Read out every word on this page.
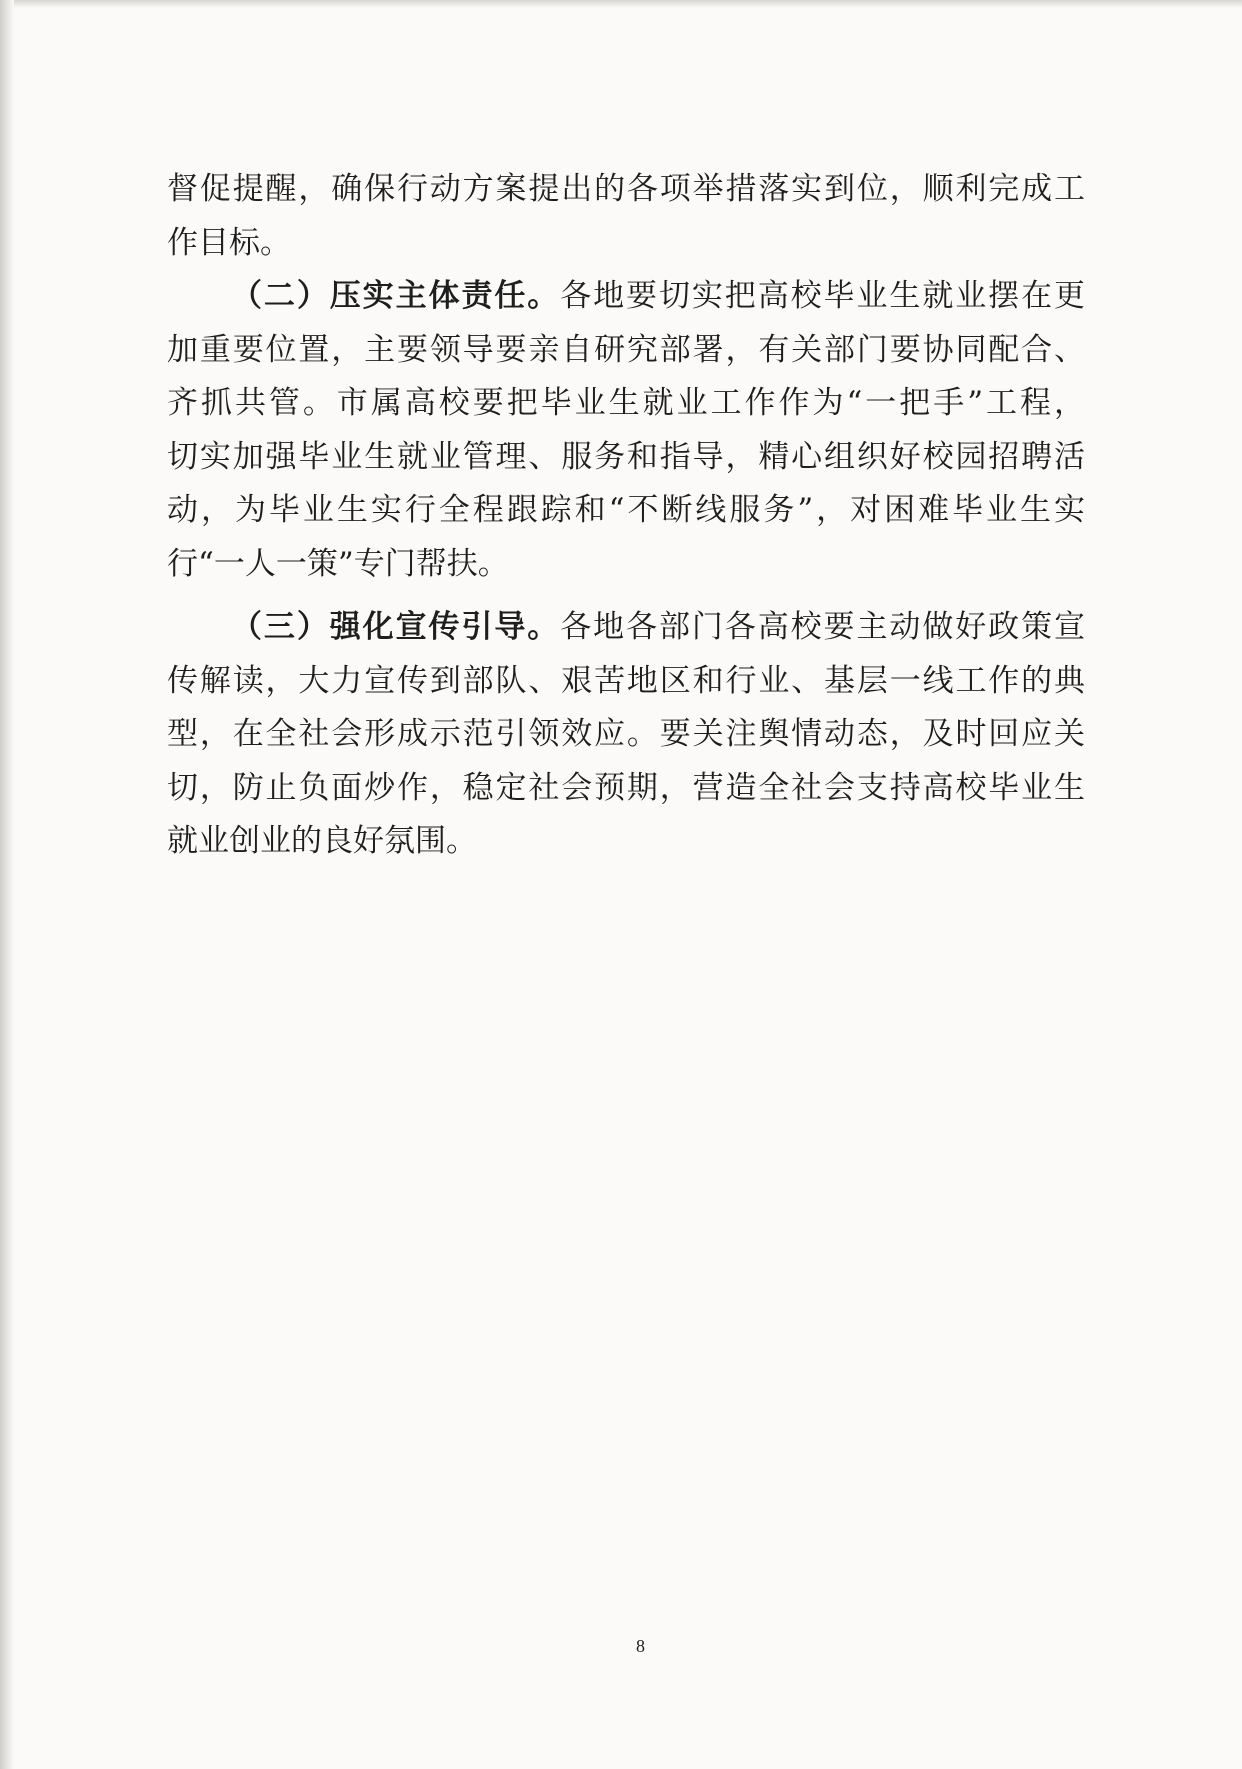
督促提醒，确保行动方案提出的各项举措落实到位，顺利完成工
作目标。
（二）压实主体责任。各地要切实把高校毕业生就业摆在更
加重要位置，主要领导要亲自研究部署，有关部门要协同配合、
齐抓共管。市属高校要把毕业生就业工作作为“一把手”工程，
切实加强毕业生就业管理、服务和指导，精心组织好校园招聘活
动，为毕业生实行全程跟踪和“不断线服务”，对困难毕业生实
行“一人一策”专门帮扶。
（三）强化宣传引导。各地各部门各高校要主动做好政策宣
传解读，大力宣传到部队、艰苦地区和行业、基层一线工作的典
型，在全社会形成示范引领效应。要关注舆情动态，及时回应关
切，防止负面炒作，稳定社会预期，营造全社会支持高校毕业生
就业创业的良好氛围。
8
